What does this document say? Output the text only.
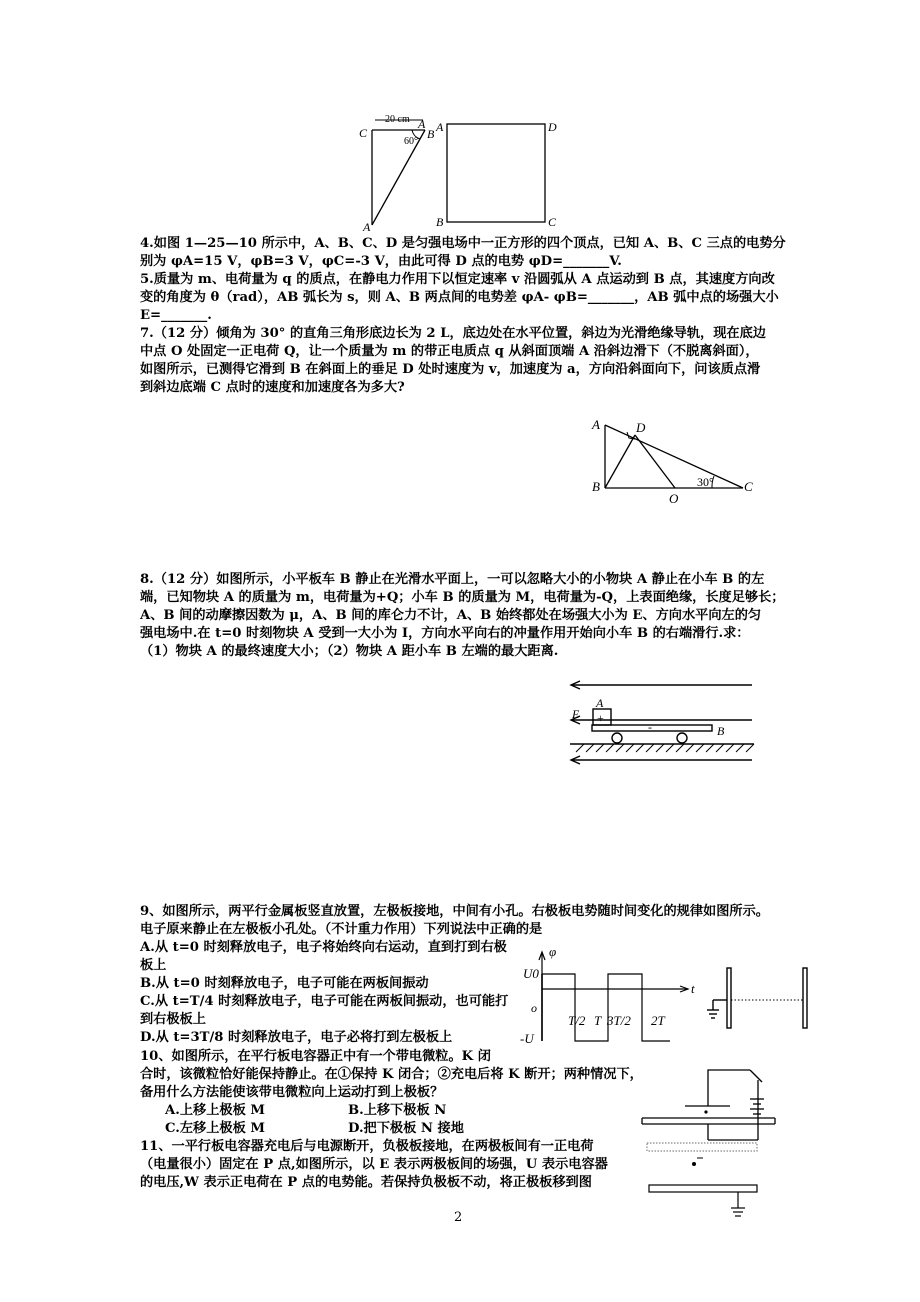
20 cm
60°
C
A
B
A
A	D
B	C
4.如图 1—25—10 所示中，A、B、C、D 是匀强电场中一正方形的四个顶点，已知 A、B、C 三点的电势分
别为 φA=15 V，φB=3 V，φC=-3 V，由此可得 D 点的电势 φD=_______V.
5.质量为 m、电荷量为 q 的质点，在静电力作用下以恒定速率 v 沿圆弧从 A 点运动到 B 点，其速度方向改
变的角度为 θ（rad），AB 弧长为 s，则 A、B 两点间的电势差 φA- φB=_______，AB 弧中点的场强大小
E=_______.
7.（12 分）倾角为 30° 的直角三角形底边长为 2 L，底边处在水平位置，斜边为光滑绝缘导轨，现在底边
中点 O 处固定一正电荷 Q，让一个质量为 m 的带正电质点 q 从斜面顶端 A 沿斜边滑下（不脱离斜面），
如图所示，已测得它滑到 B 在斜面上的垂足 D 处时速度为 v，加速度为 a，方向沿斜面向下，问该质点滑
到斜边底端 C 点时的速度和加速度各为多大?
A	D
B
O
30° C
8.（12 分）如图所示，小平板车 B 静止在光滑水平面上，一可以忽略大小的小物块 A 静止在小车 B 的左
端，已知物块 A 的质量为 m，电荷量为+Q；小车 B 的质量为 M，电荷量为-Q，上表面绝缘，长度足够长；
A、B 间的动摩擦因数为 μ，A、B 间的库仑力不计，A、B 始终都处在场强大小为 E、方向水平向左的匀
强电场中.在 t=0 时刻物块 A 受到一大小为 I，方向水平向右的冲量作用开始向小车 B 的右端滑行.求：
（1）物块 A 的最终速度大小；（2）物块 A 距小车 B 左端的最大距离.
A
E +
-	B
9、如图所示，两平行金属板竖直放置，左极板接地，中间有小孔。右极板电势随时间变化的规律如图所示。
电子原来静止在左极板小孔处。（不计重力作用）下列说法中正确的是
A.从 t=0 时刻释放电子，电子将始终向右运动，直到打到右极
板上
B.从 t=0 时刻释放电子，电子可能在两板间振动
C.从 t=T/4 时刻释放电子，电子可能在两板间振动，也可能打
到右极板上
D.从 t=3T/8 时刻释放电子，电子必将打到左极板上
φ
U0
o
-U
t
T/2 T 3T/2 2T
10、如图所示，在平行板电容器正中有一个带电微粒。K 闭
合时，该微粒恰好能保持静止。在①保持 K 闭合；②充电后将 K 断开；两种情况下，
备用什么方法能使该带电微粒向上运动打到上极板？
A.上移上极板 M	B.上移下极板 N
C.左移上极板 M	D.把下极板 N 接地
11、一平行板电容器充电后与电源断开，负极板接地，在两极板间有一正电荷
（电量很小）固定在 P 点,如图所示，以 E 表示两极板间的场强，U 表示电容器
的电压,W 表示正电荷在 P 点的电势能。若保持负极板不动，将正极板移到图
2
